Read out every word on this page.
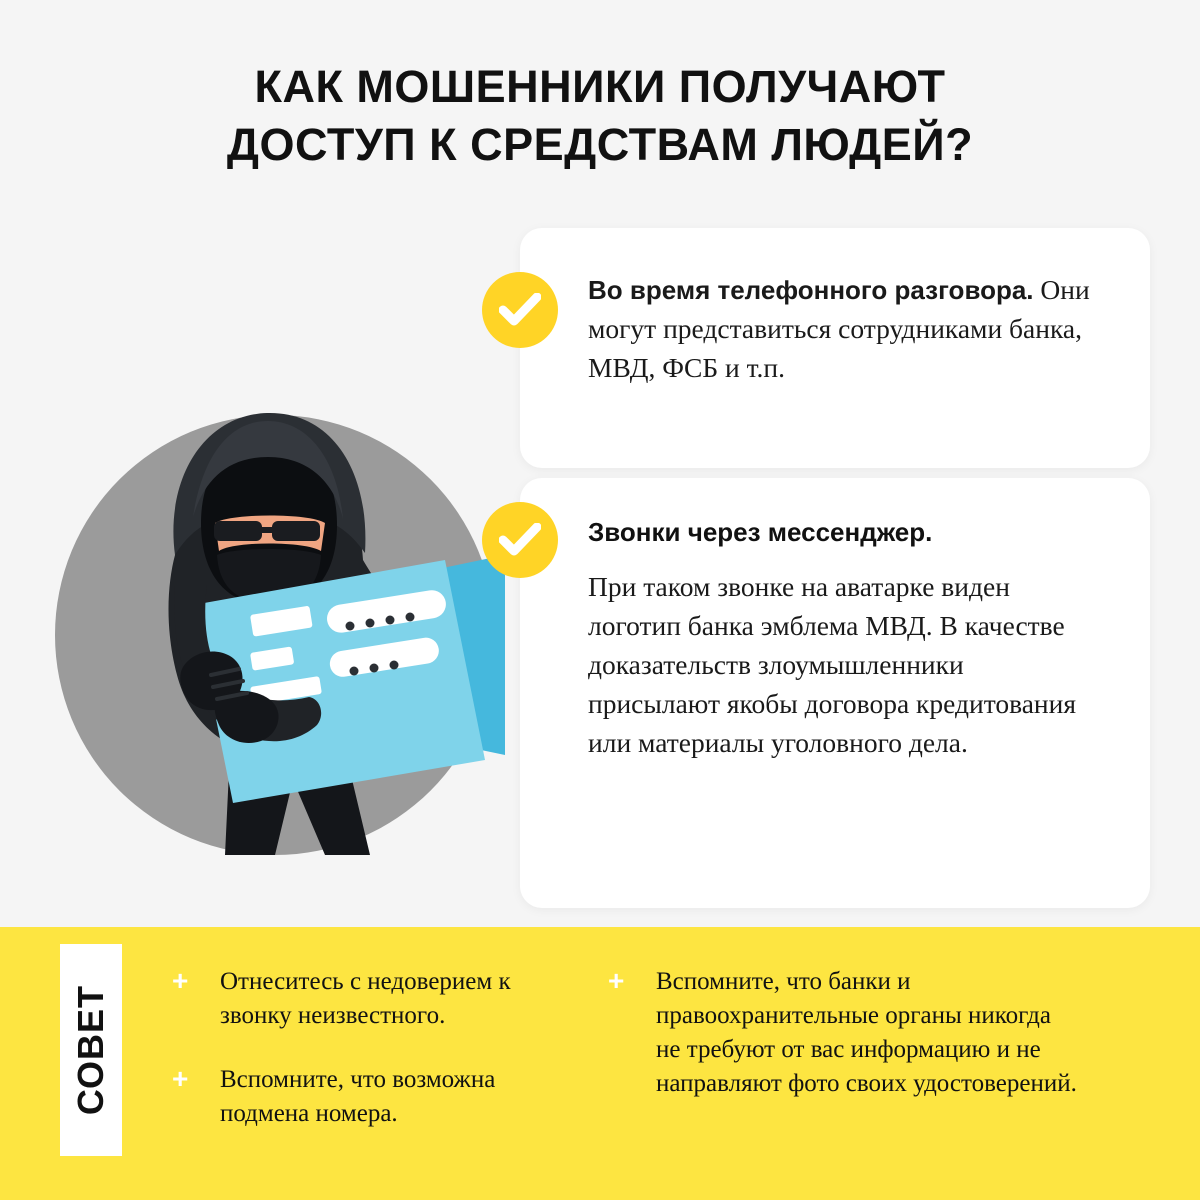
КАК МОШЕННИКИ ПОЛУЧАЮТ
ДОСТУП К СРЕДСТВАМ ЛЮДЕЙ?
Во время телефонного разговора. Они могут представиться сотрудниками банка, МВД, ФСБ и т.п.
Звонки через мессенджер.
При таком звонке на аватарке виден логотип банка эмблема МВД. В качестве доказательств злоумышленники присылают якобы договора кредитования или материалы уголовного дела.
СОВЕТ
+ Отнеситесь с недоверием к звонку неизвестного.
+ Вспомните, что возможна подмена номера.
+ Вспомните, что банки и правоохранительные органы никогда не требуют от вас информацию и не направляют фото своих удостоверений.
